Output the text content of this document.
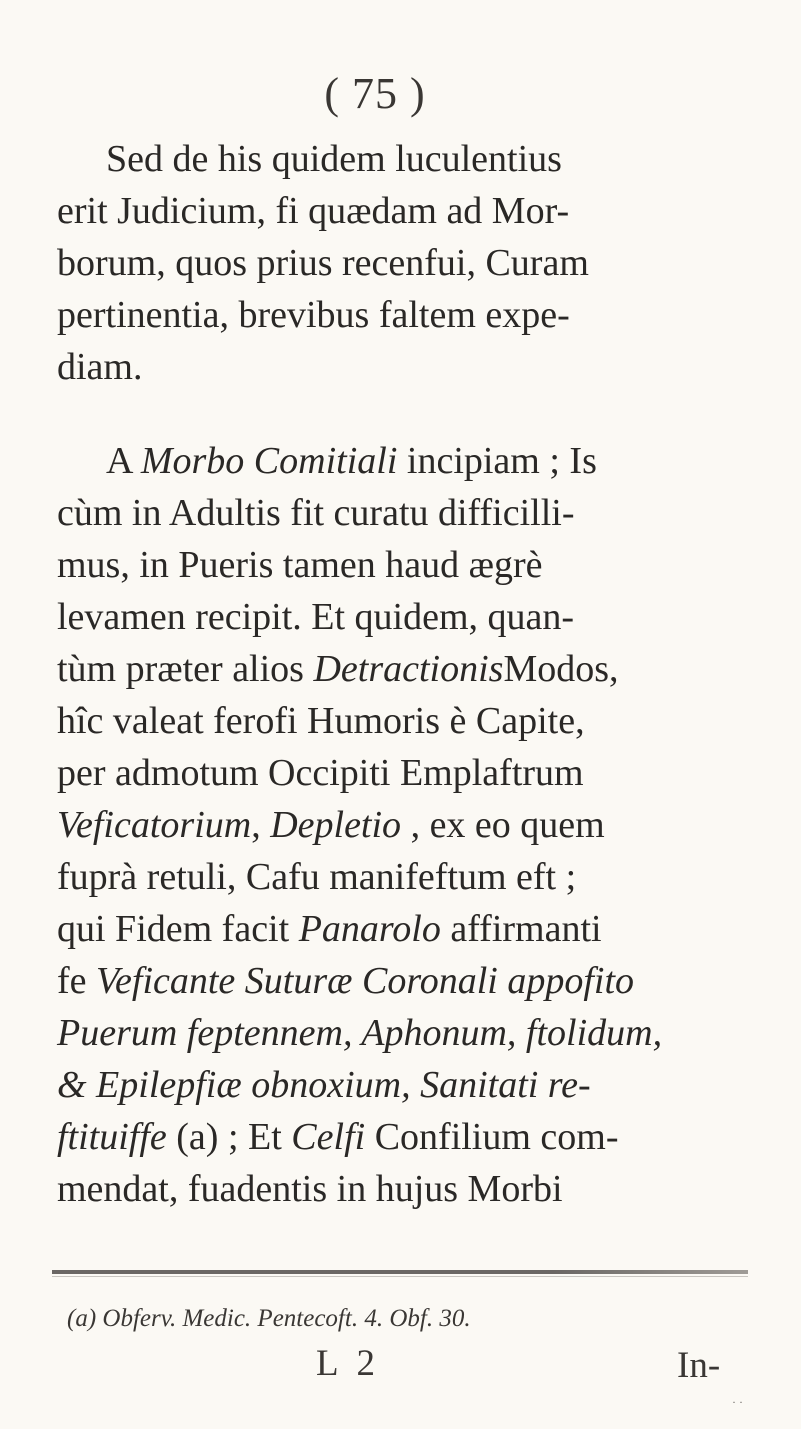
( 75 )
Sed de his quidem luculentius
erit Judicium, fi quædam ad Mor-
borum, quos prius recenfui, Curam
pertinentia, brevibus faltem expe-
diam.
A Morbo Comitiali incipiam ; Is
cùm in Adultis fit curatu difficilli-
mus, in Pueris tamen haud ægrè
levamen recipit. Et quidem, quan-
tùm præter alios DetractionisModos,
hîc valeat ferofi Humoris è Capite,
per admotum Occipiti Emplaftrum
Veficatorium, Depletio , ex eo quem
fuprà retuli, Cafu manifeftum eft ;
qui Fidem facit Panarolo affirmanti
fe Veficante Suturæ Coronali appofito
Puerum feptennem, Aphonum, ftolidum,
& Epilepfiæ obnoxium, Sanitati re-
ftituiffe (a) ; Et Celfi Confilium com-
mendat, fuadentis in hujus Morbi
(a) Obferv. Medic. Pentecoft. 4. Obf. 30.
L 2	In-
· ·
